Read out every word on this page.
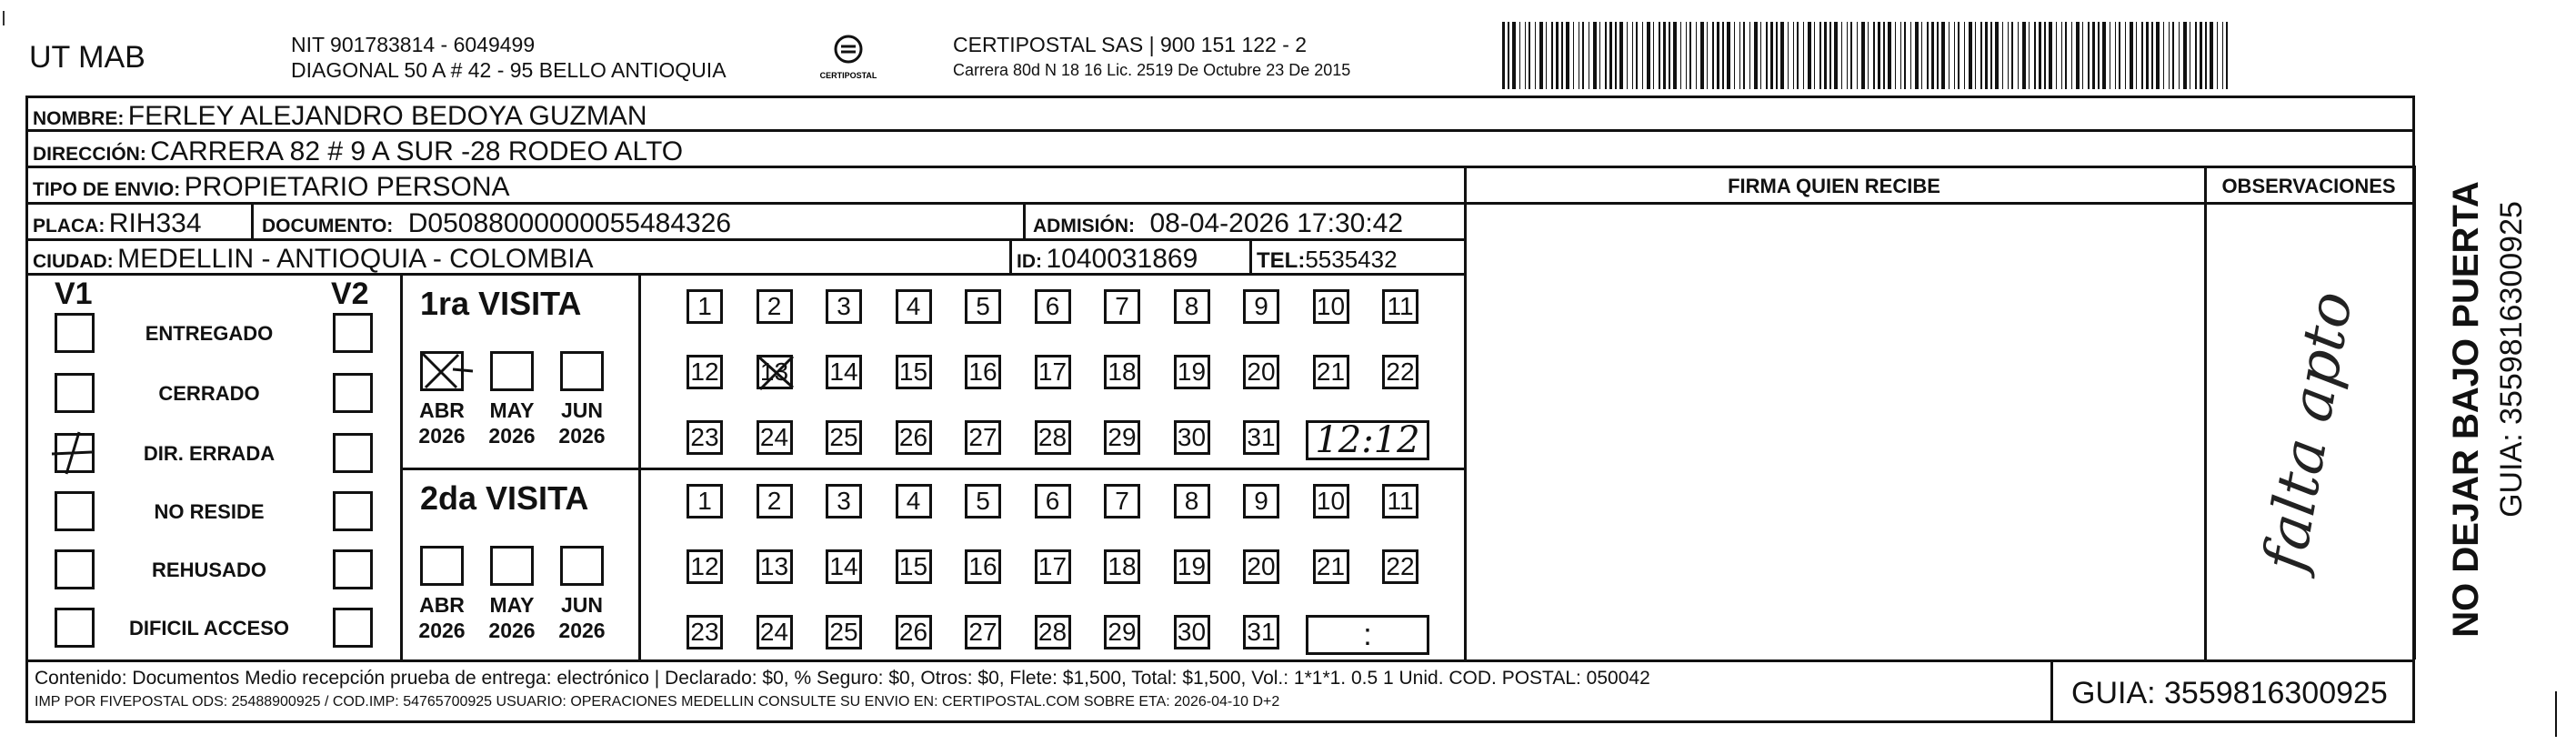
UT MAB	NIT 901783814 - 6049499
DIAGONAL 50 A # 42 - 95 BELLO ANTIOQUIA	CERTIPOSTAL
CERTIPOSTAL SAS | 900 151 122 - 2
Carrera 80d N 18 16 Lic. 2519 De Octubre 23 De 2015
NOMBRE: FERLEY ALEJANDRO BEDOYA GUZMAN
DIRECCIÓN: CARRERA 82 # 9 A SUR -28 RODEO ALTO
TIPO DE ENVIO: PROPIETARIO PERSONA
PLACA: RIH334	DOCUMENTO: D05088000000055484326	ADMISIÓN: 08-04-2026 17:30:42
CIUDAD: MEDELLIN - ANTIOQUIA - COLOMBIA	ID: 1040031869	TEL:5535432
FIRMA QUIEN RECIBE	OBSERVACIONES
falta apto
V1	V2
ENTREGADO
CERRADO
DIR. ERRADA
NO RESIDE
REHUSADO
DIFICIL ACCESO
1ra VISITA
ABR
2026
MAY
2026
JUN
2026
1	2	3	4	5	6	7	8	9	10 11
12 13 14 15 16 17 18 19 20 21 22
23 24 25 26 27 28 29 30 31 12:12
2da VISITA
ABR
2026
MAY
2026
JUN
2026
1	2	3	4	5	6	7	8	9	10 11
12 13 14 15 16 17 18 19 20 21 22
23 24 25 26 27 28 29 30 31	:
Contenido: Documentos Medio recepción prueba de entrega: electrónico | Declarado: $0, % Seguro: $0, Otros: $0, Flete: $1,500, Total: $1,500, Vol.: 1*1*1. 0.5 1 Unid. COD. POSTAL: 050042
IMP POR FIVEPOSTAL ODS: 25488900925 / COD.IMP: 54765700925 USUARIO: OPERACIONES MEDELLIN CONSULTE SU ENVIO EN: CERTIPOSTAL.COM SOBRE ETA: 2026-04-10 D+2	GUIA: 3559816300925
NO DEJAR BAJO PUERTA GUIA: 3559816300925
